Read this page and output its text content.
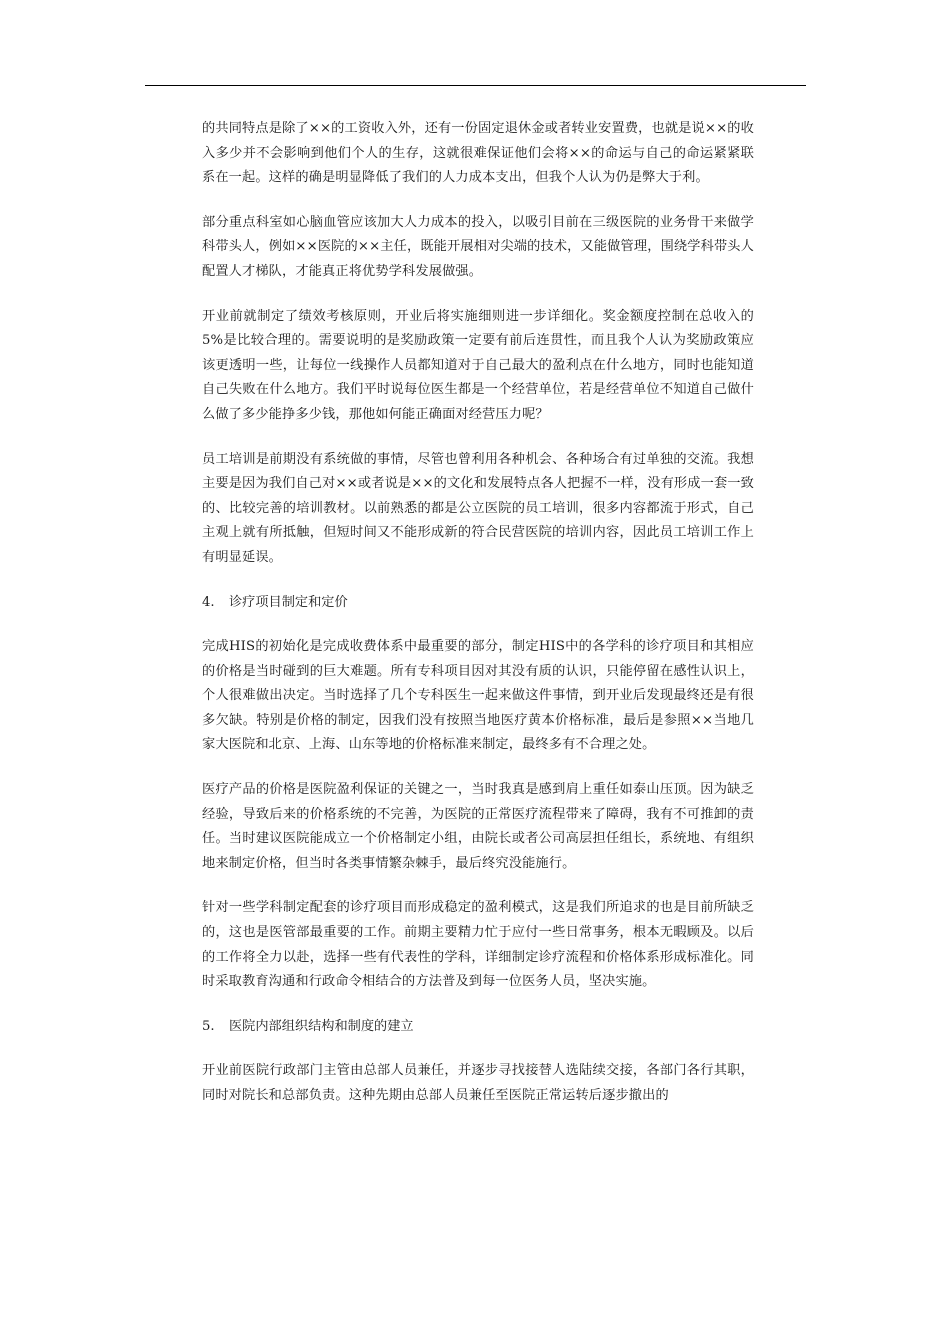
的共同特点是除了××的工资收入外，还有一份固定退休金或者转业安置费，也就是说××的收入多少并不会影响到他们个人的生存，这就很难保证他们会将××的命运与自己的命运紧紧联系在一起。这样的确是明显降低了我们的人力成本支出，但我个人认为仍是弊大于利。

部分重点科室如心脑血管应该加大人力成本的投入，以吸引目前在三级医院的业务骨干来做学科带头人，例如××医院的××主任，既能开展相对尖端的技术，又能做管理，围绕学科带头人配置人才梯队，才能真正将优势学科发展做强。

开业前就制定了绩效考核原则，开业后将实施细则进一步详细化。奖金额度控制在总收入的5%是比较合理的。需要说明的是奖励政策一定要有前后连贯性，而且我个人认为奖励政策应该更透明一些，让每位一线操作人员都知道对于自己最大的盈利点在什么地方，同时也能知道自己失败在什么地方。我们平时说每位医生都是一个经营单位，若是经营单位不知道自己做什么做了多少能挣多少钱，那他如何能正确面对经营压力呢？

员工培训是前期没有系统做的事情，尽管也曾利用各种机会、各种场合有过单独的交流。我想主要是因为我们自己对××或者说是××的文化和发展特点各人把握不一样，没有形成一套一致的、比较完善的培训教材。以前熟悉的都是公立医院的员工培训，很多内容都流于形式，自己主观上就有所抵触，但短时间又不能形成新的符合民营医院的培训内容，因此员工培训工作上有明显延误。

4.	诊疗项目制定和定价

完成HIS的初始化是完成收费体系中最重要的部分，制定HIS中的各学科的诊疗项目和其相应的价格是当时碰到的巨大难题。所有专科项目因对其没有质的认识，只能停留在感性认识上，个人很难做出决定。当时选择了几个专科医生一起来做这件事情，到开业后发现最终还是有很多欠缺。特别是价格的制定，因我们没有按照当地医疗黄本价格标准，最后是参照××当地几家大医院和北京、上海、山东等地的价格标准来制定，最终多有不合理之处。

医疗产品的价格是医院盈利保证的关键之一，当时我真是感到肩上重任如泰山压顶。因为缺乏经验，导致后来的价格系统的不完善，为医院的正常医疗流程带来了障碍，我有不可推卸的责任。当时建议医院能成立一个价格制定小组，由院长或者公司高层担任组长，系统地、有组织地来制定价格，但当时各类事情繁杂棘手，最后终究没能施行。

针对一些学科制定配套的诊疗项目而形成稳定的盈利模式，这是我们所追求的也是目前所缺乏的，这也是医管部最重要的工作。前期主要精力忙于应付一些日常事务，根本无暇顾及。以后的工作将全力以赴，选择一些有代表性的学科，详细制定诊疗流程和价格体系形成标准化。同时采取教育沟通和行政命令相结合的方法普及到每一位医务人员，坚决实施。

5.	医院内部组织结构和制度的建立

开业前医院行政部门主管由总部人员兼任，并逐步寻找接替人选陆续交接，各部门各行其职，同时对院长和总部负责。这种先期由总部人员兼任至医院正常运转后逐步撤出的
